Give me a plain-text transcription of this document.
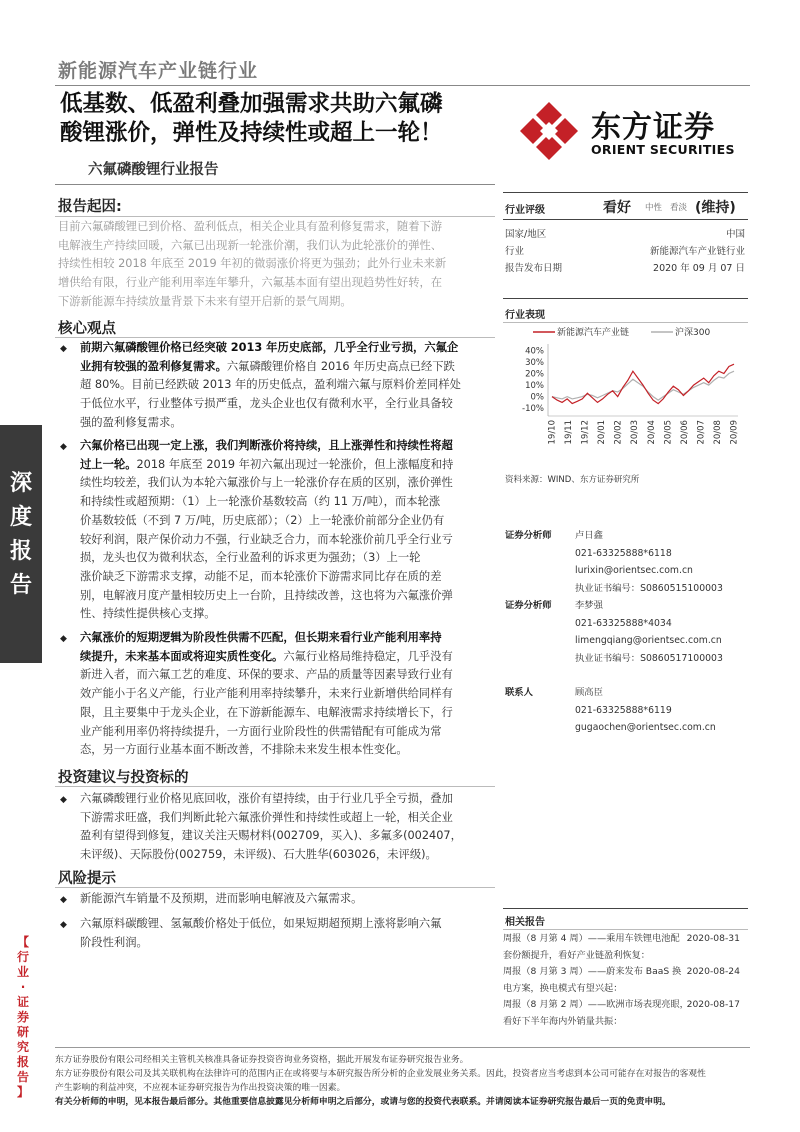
新能源汽车产业链行业
低基数、低盈利叠加强需求共助六氟磷
酸锂涨价，弹性及持续性或超上一轮！
六氟磷酸锂行业报告
东方证券
ORIENT SECURITIES
深
度
报
告
【
行
业
·
证
券
研
究
报
告
】
报告起因:
目前六氟磷酸锂已到价格、盈利低点，相关企业具有盈利修复需求，随着下游
电解液生产持续回暖，六氟已出现新一轮涨价潮，我们认为此轮涨价的弹性、
持续性相较 2018 年底至 2019 年初的微弱涨价将更为强劲；此外行业未来新
增供给有限，行业产能利用率连年攀升，六氟基本面有望出现趋势性好转，在
下游新能源车持续放量背景下未来有望开启新的景气周期。
核心观点
◆ 前期六氟磷酸锂价格已经突破 2013 年历史底部，几乎全行业亏损，六氟企
业拥有较强的盈利修复需求。六氟磷酸锂价格自 2016 年历史高点已经下跌
超 80%。目前已经跌破 2013 年的历史低点，盈利端六氟与原料价差同样处
于低位水平，行业整体亏损严重，龙头企业也仅有微利水平，全行业具备较
强的盈利修复需求。
◆ 六氟价格已出现一定上涨，我们判断涨价将持续，且上涨弹性和持续性将超
过上一轮。2018 年底至 2019 年初六氟出现过一轮涨价，但上涨幅度和持
续性均较差，我们认为本轮六氟涨价与上一轮涨价存在质的区别，涨价弹性
和持续性或超预期：（1）上一轮涨价基数较高（约 11 万/吨），而本轮涨
价基数较低（不到 7 万/吨，历史底部）；（2）上一轮涨价前部分企业仍有
较好利润，限产保价动力不强，行业缺乏合力，而本轮涨价前几乎全行业亏
损，龙头也仅为微利状态，全行业盈利的诉求更为强劲；（3）上一轮
涨价缺乏下游需求支撑，动能不足，而本轮涨价下游需求同比存在质的差
别，电解液月度产量相较历史上一台阶，且持续改善，这也将为六氟涨价弹
性、持续性提供核心支撑。
◆ 六氟涨价的短期逻辑为阶段性供需不匹配，但长期来看行业产能利用率持
续提升，未来基本面或将迎实质性变化。六氟行业格局维持稳定，几乎没有
新进入者，而六氟工艺的难度、环保的要求、产品的质量等因素导致行业有
效产能小于名义产能，行业产能利用率持续攀升，未来行业新增供给同样有
限，且主要集中于龙头企业，在下游新能源车、电解液需求持续增长下，行
业产能利用率仍将持续提升，一方面行业阶段性的供需错配有可能成为常
态，另一方面行业基本面不断改善，不排除未来发生根本性变化。
投资建议与投资标的
◆ 六氟磷酸锂行业价格见底回收，涨价有望持续，由于行业几乎全亏损，叠加
下游需求旺盛，我们判断此轮六氟涨价弹性和持续性或超上一轮，相关企业
盈利有望得到修复，建议关注天赐材料(002709，买入)、多氟多(002407，
未评级)、天际股份(002759，未评级)、石大胜华(603026，未评级)。
风险提示
◆ 新能源汽车销量不及预期，进而影响电解液及六氟需求。
◆ 六氟原料碳酸锂、氢氟酸价格处于低位，如果短期超预期上涨将影响六氟
阶段性利润。
行业评级	看好 中性 看淡 (维持)
国家/地区	中国
行业	新能源汽车产业链行业
报告发布日期	2020 年 09 月 07 日
行业表现
新能源汽车产业链	沪深300
40%
30%
20%
10%
0%
-10%
19/10 19/11 19/12 20/01 20/02 20/03 20/04 20/05 20/06 20/07 20/08 20/09
资料来源：WIND、东方证券研究所
证券分析师	卢日鑫
021-63325888*6118
lurixin@orientsec.com.cn
执业证书编号：S0860515100003
证券分析师	李梦强
021-63325888*4034
limengqiang@orientsec.com.cn
执业证书编号：S0860517100003
联系人	顾高臣
021-63325888*6119
gugaochen@orientsec.com.cn
相关报告
周报（8 月第 4 周）——乘用车铁锂电池配
套份额提升，看好产业链盈利恢复：
2020-08-31
周报（8 月第 3 周）——蔚来发布 BaaS 换
电方案，换电模式有望兴起：
2020-08-24
周报（8 月第 2 周）——欧洲市场表现亮眼，
看好下半年海内外销量共振：
2020-08-17
东方证券股份有限公司经相关主管机关核准具备证券投资咨询业务资格，据此开展发布证券研究报告业务。
东方证券股份有限公司及其关联机构在法律许可的范围内正在或将要与本研究报告所分析的企业发展业务关系。因此，投资者应当考虑到本公司可能存在对报告的客观性
产生影响的利益冲突，不应视本证券研究报告为作出投资决策的唯一因素。
有关分析师的申明，见本报告最后部分。其他重要信息披露见分析师申明之后部分，或请与您的投资代表联系。并请阅读本证券研究报告最后一页的免责申明。
